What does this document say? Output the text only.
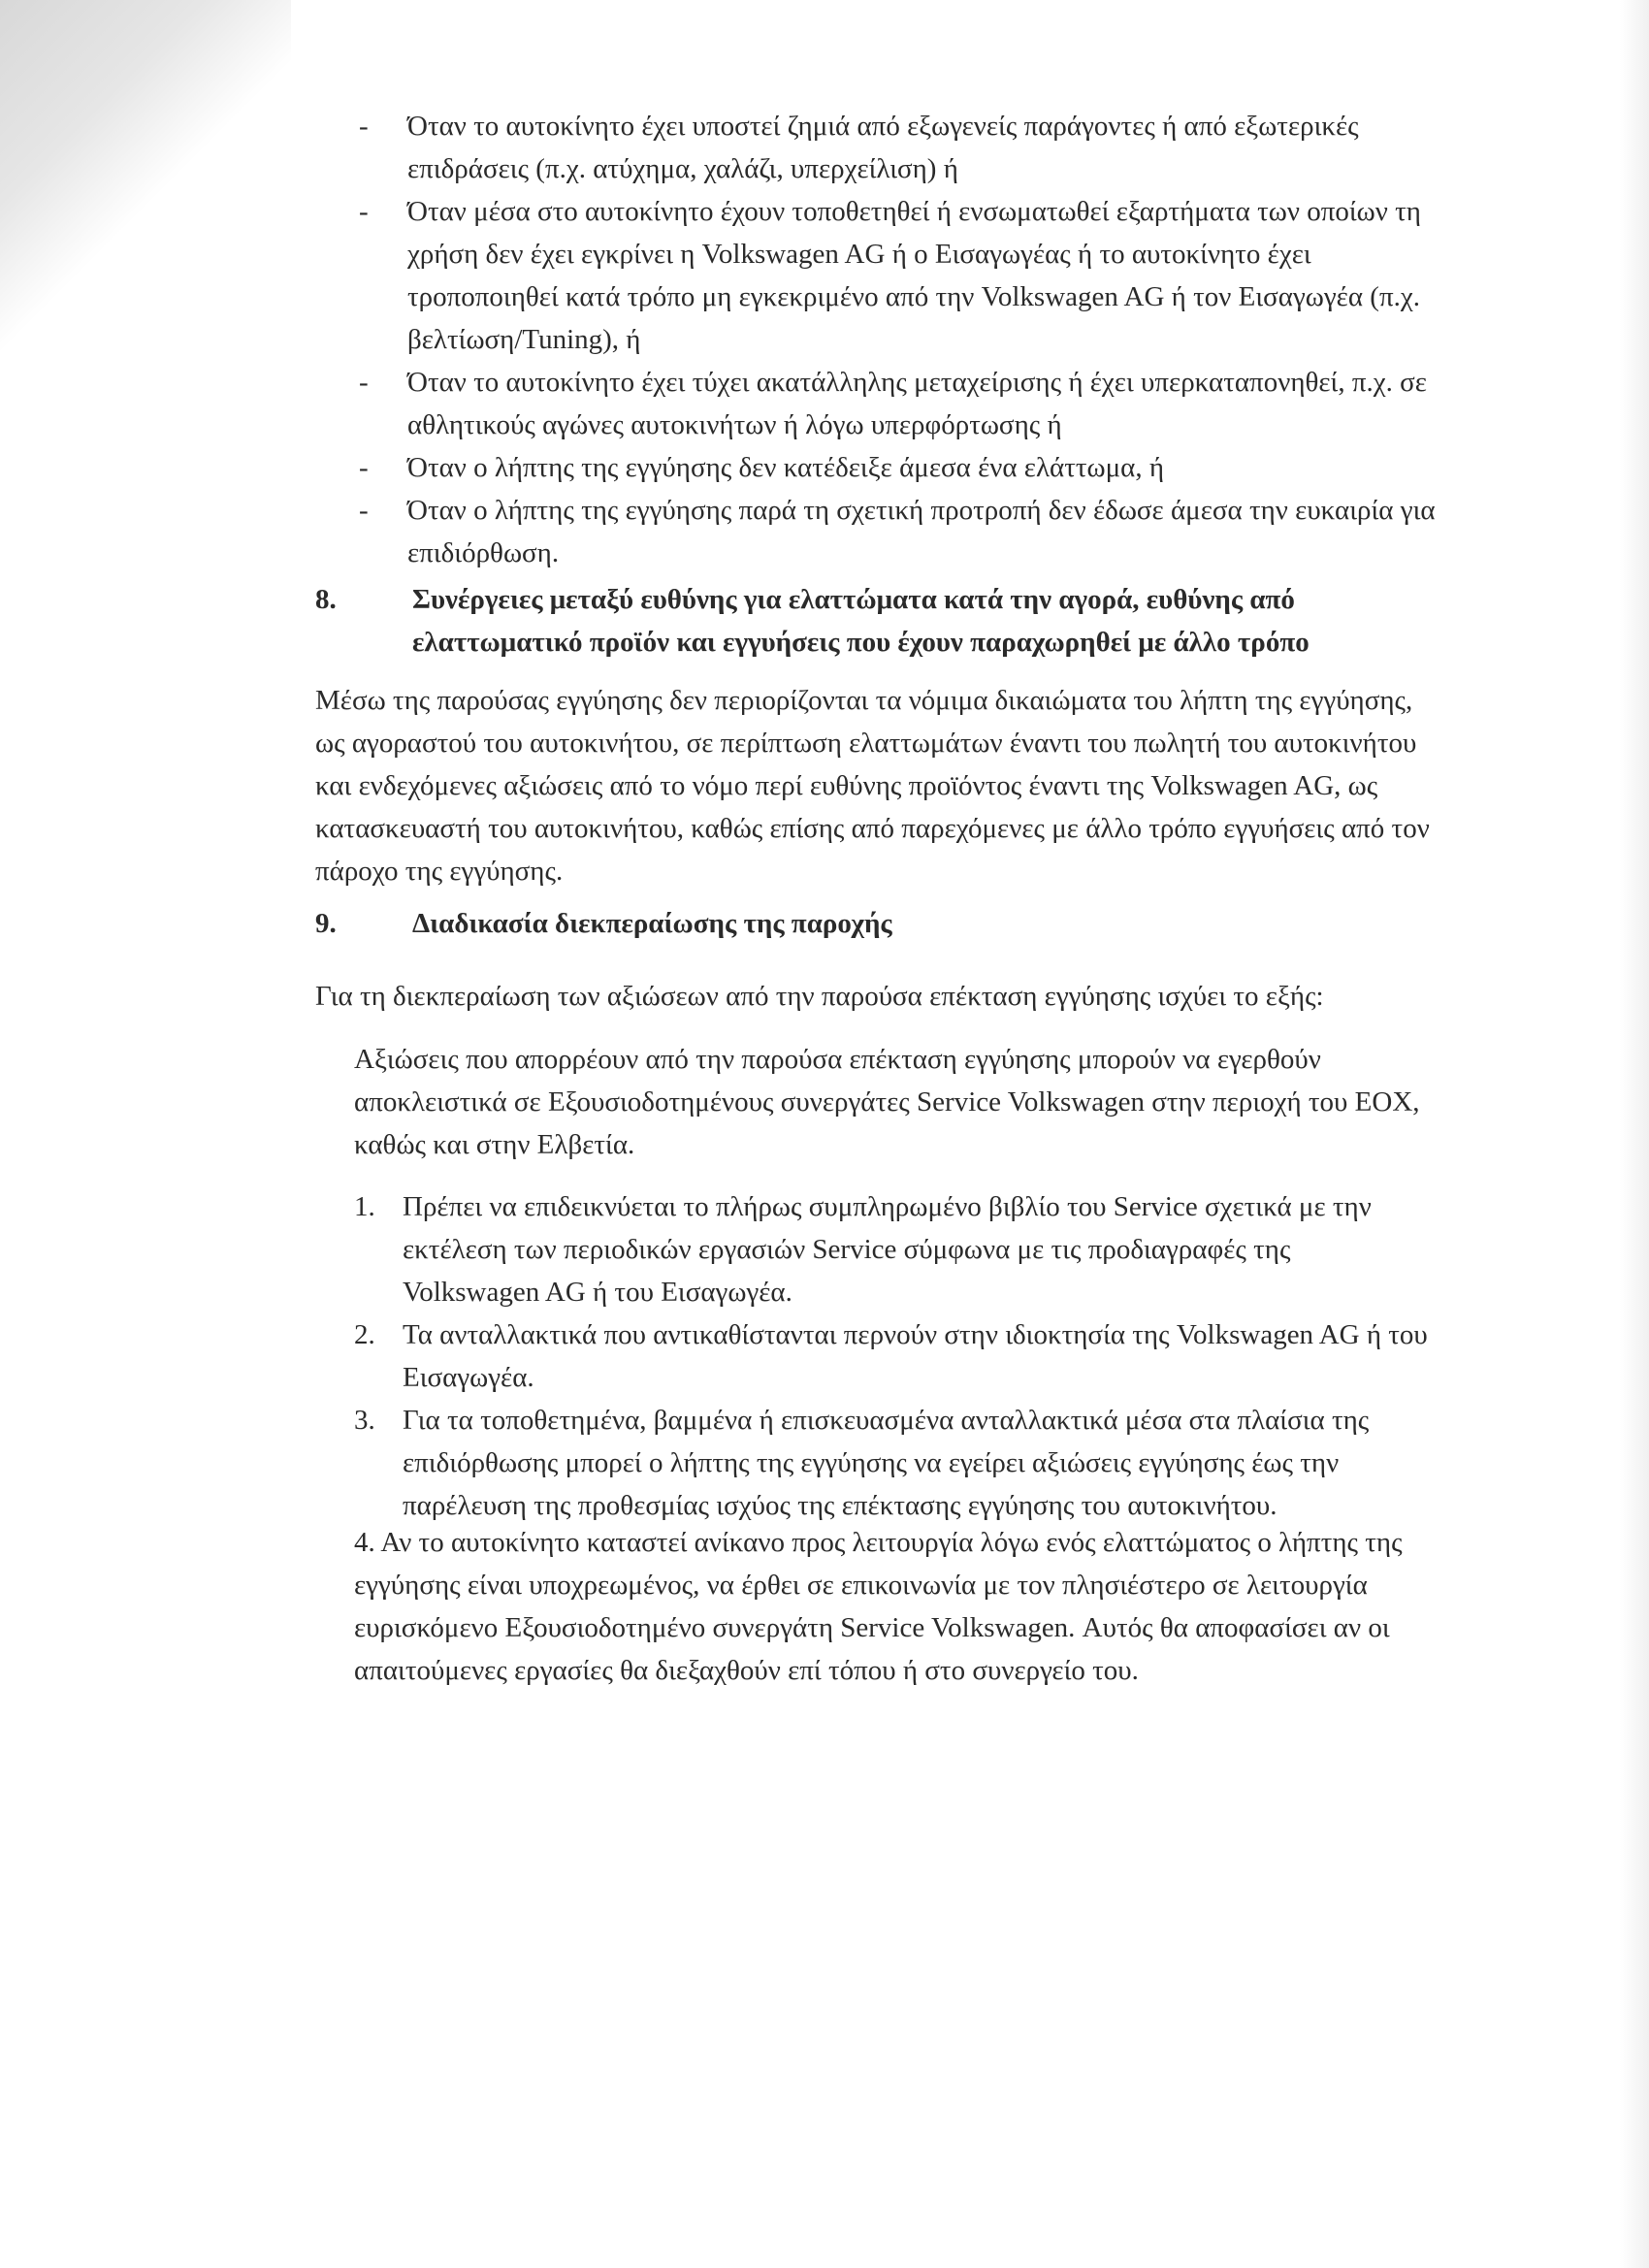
-	Όταν το αυτοκίνητο έχει υποστεί ζημιά από εξωγενείς παράγοντες ή από εξωτερικές επιδράσεις (π.χ. ατύχημα, χαλάζι, υπερχείλιση) ή
-	Όταν μέσα στο αυτοκίνητο έχουν τοποθετηθεί ή ενσωματωθεί εξαρτήματα των οποίων τη χρήση δεν έχει εγκρίνει η Volkswagen AG ή ο Εισαγωγέας ή το αυτοκίνητο έχει τροποποιηθεί κατά τρόπο μη εγκεκριμένο από την Volkswagen AG ή τον Εισαγωγέα (π.χ. βελτίωση/Tuning), ή
-	Όταν το αυτοκίνητο έχει τύχει ακατάλληλης μεταχείρισης ή έχει υπερκαταπονηθεί, π.χ. σε αθλητικούς αγώνες αυτοκινήτων ή λόγω υπερφόρτωσης ή
-	Όταν ο λήπτης της εγγύησης δεν κατέδειξε άμεσα ένα ελάττωμα, ή
-	Όταν ο λήπτης της εγγύησης παρά τη σχετική προτροπή δεν έδωσε άμεσα την ευκαιρία για επιδιόρθωση.
8.	Συνέργειες μεταξύ ευθύνης για ελαττώματα κατά την αγορά, ευθύνης από ελαττωματικό προϊόν και εγγυήσεις που έχουν παραχωρηθεί με άλλο τρόπο
Μέσω της παρούσας εγγύησης δεν περιορίζονται τα νόμιμα δικαιώματα του λήπτη της εγγύησης, ως αγοραστού του αυτοκινήτου, σε περίπτωση ελαττωμάτων έναντι του πωλητή του αυτοκινήτου και ενδεχόμενες αξιώσεις από το νόμο περί ευθύνης προϊόντος έναντι της Volkswagen AG, ως κατασκευαστή του αυτοκινήτου, καθώς επίσης από παρεχόμενες με άλλο τρόπο εγγυήσεις από τον πάροχο της εγγύησης.
9.	Διαδικασία διεκπεραίωσης της παροχής
Για τη διεκπεραίωση των αξιώσεων από την παρούσα επέκταση εγγύησης ισχύει το εξής:
Αξιώσεις που απορρέουν από την παρούσα επέκταση εγγύησης μπορούν να εγερθούν αποκλειστικά σε Εξουσιοδοτημένους συνεργάτες Service Volkswagen στην περιοχή του ΕΟΧ, καθώς και στην Ελβετία.
1. Πρέπει να επιδεικνύεται το πλήρως συμπληρωμένο βιβλίο του Service σχετικά με την εκτέλεση των περιοδικών εργασιών Service σύμφωνα με τις προδιαγραφές της Volkswagen AG ή του Εισαγωγέα.
2. Τα ανταλλακτικά που αντικαθίστανται περνούν στην ιδιοκτησία της Volkswagen AG ή του Εισαγωγέα.
3. Για τα τοποθετημένα, βαμμένα ή επισκευασμένα ανταλλακτικά μέσα στα πλαίσια της επιδιόρθωσης μπορεί ο λήπτης της εγγύησης να εγείρει αξιώσεις εγγύησης έως την παρέλευση της προθεσμίας ισχύος της επέκτασης εγγύησης του αυτοκινήτου.
4. Αν το αυτοκίνητο καταστεί ανίκανο προς λειτουργία λόγω ενός ελαττώματος ο λήπτης της εγγύησης είναι υποχρεωμένος, να έρθει σε επικοινωνία με τον πλησιέστερο σε λειτουργία ευρισκόμενο Εξουσιοδοτημένο συνεργάτη Service Volkswagen. Αυτός θα αποφασίσει αν οι απαιτούμενες εργασίες θα διεξαχθούν επί τόπου ή στο συνεργείο του.
